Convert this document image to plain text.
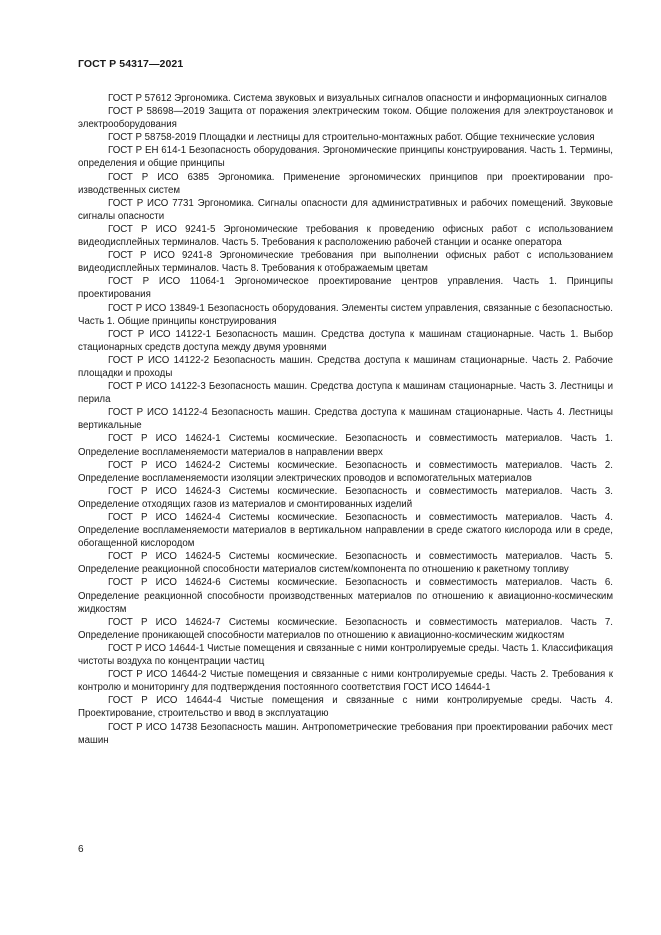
ГОСТ Р 54317—2021

ГОСТ Р 57612 Эргономика. Система звуковых и визуальных сигналов опасности и информационных сигналов

ГОСТ Р 58698—2019 Защита от поражения электрическим током. Общие положения для электроустановок и электрооборудования

ГОСТ Р 58758-2019 Площадки и лестницы для строительно-монтажных работ. Общие технические условия

ГОСТ Р ЕН 614-1 Безопасность оборудования. Эргономические принципы конструирования. Часть 1. Термины, определения и общие принципы

ГОСТ Р ИСО 6385 Эргономика. Применение эргономических принципов при проектировании производственных систем

ГОСТ Р ИСО 7731 Эргономика. Сигналы опасности для административных и рабочих помещений. Звуковые сигналы опасности

ГОСТ Р ИСО 9241-5 Эргономические требования к проведению офисных работ с использованием видеодисплейных терминалов. Часть 5. Требования к расположению рабочей станции и осанке оператора

ГОСТ Р ИСО 9241-8 Эргономические требования при выполнении офисных работ с использованием видеодисплейных терминалов. Часть 8. Требования к отображаемым цветам

ГОСТ Р ИСО 11064-1 Эргономическое проектирование центров управления. Часть 1. Принципы проектирования

ГОСТ Р ИСО 13849-1 Безопасность оборудования. Элементы систем управления, связанные с безопасностью. Часть 1. Общие принципы конструирования

ГОСТ Р ИСО 14122-1 Безопасность машин. Средства доступа к машинам стационарные. Часть 1. Выбор стационарных средств доступа между двумя уровнями

ГОСТ Р ИСО 14122-2 Безопасность машин. Средства доступа к машинам стационарные. Часть 2. Рабочие площадки и проходы

ГОСТ Р ИСО 14122-3 Безопасность машин. Средства доступа к машинам стационарные. Часть 3. Лестницы и перила

ГОСТ Р ИСО 14122-4 Безопасность машин. Средства доступа к машинам стационарные. Часть 4. Лестницы вертикальные

ГОСТ Р ИСО 14624-1 Системы космические. Безопасность и совместимость материалов. Часть 1. Определение воспламеняемости материалов в направлении вверх

ГОСТ Р ИСО 14624-2 Системы космические. Безопасность и совместимость материалов. Часть 2. Определение воспламеняемости изоляции электрических проводов и вспомогательных материалов

ГОСТ Р ИСО 14624-3 Системы космические. Безопасность и совместимость материалов. Часть 3. Определение отходящих газов из материалов и смонтированных изделий

ГОСТ Р ИСО 14624-4 Системы космические. Безопасность и совместимость материалов. Часть 4. Определение воспламеняемости материалов в вертикальном направлении в среде сжатого кислорода или в среде, обогащенной кислородом

ГОСТ Р ИСО 14624-5 Системы космические. Безопасность и совместимость материалов. Часть 5. Определение реакционной способности материалов систем/компонента по отношению к ракетному топливу

ГОСТ Р ИСО 14624-6 Системы космические. Безопасность и совместимость материалов. Часть 6. Определение реакционной способности производственных материалов по отношению к авиационно-космическим жидкостям

ГОСТ Р ИСО 14624-7 Системы космические. Безопасность и совместимость материалов. Часть 7. Определение проникающей способности материалов по отношению к авиационно-космическим жидкостям

ГОСТ Р ИСО 14644-1 Чистые помещения и связанные с ними контролируемые среды. Часть 1. Классификация чистоты воздуха по концентрации частиц

ГОСТ Р ИСО 14644-2 Чистые помещения и связанные с ними контролируемые среды. Часть 2. Требования к контролю и мониторингу для подтверждения постоянного соответствия ГОСТ ИСО 14644-1

ГОСТ Р ИСО 14644-4 Чистые помещения и связанные с ними контролируемые среды. Часть 4. Проектирование, строительство и ввод в эксплуатацию

ГОСТ Р ИСО 14738 Безопасность машин. Антропометрические требования при проектировании рабочих мест машин

6
